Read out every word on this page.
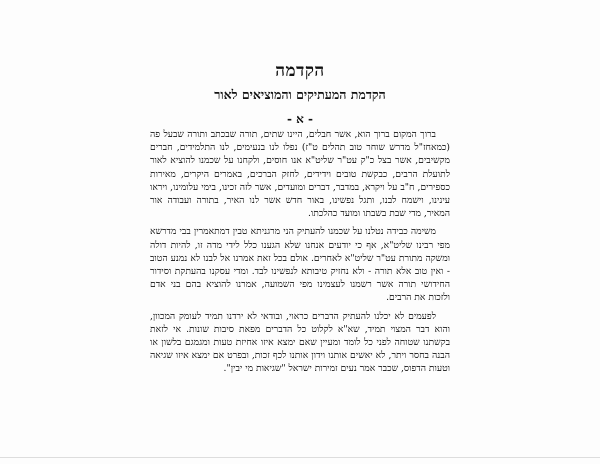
הקדמה
הקדמת המעתיקים והמוציאים לאור
- א -

ברוך המקום ברוך הוא, אשר חבלים, היינו שתים, תורה שבכתב ותורה שבעל פה (כמאחז"ל מדרש שוחר טוב תהלים ט"ז) נפלו לנו בנעימים, לנו התלמידים, חברים מקשיבים, אשר בצל כ"ק עט"ר שליט"א אנו חוסים, ולקחנו על שכמנו להוציא לאור לתועלת הרבים, כבקשת טובים וידידים, לחזק הברכים, באמרים היקרים, מאירות כספירים, ח"ב על ויקרא, במדבר, דברים ומועדים, אשר לזה זכינו, בימי עלומינו, ויראו עינינו, וישמח לבנו, ותגל נפשינו, באור חדש אשר לנו האיר, בתורה ועבודה אור המאיר, מדי שבת בשבתו ומועד כהלכתו.

משימה כבידה נטלנו על שכמנו להעתיק הני מרגניתא טבין דמתאמרין בבי מדרשא מפי רבינו שליט"א, אף כי יודעים אנחנו שלא הגענו כלל לידי מדה זו, להיות דולה ומשקה מתורת עט"ר שליט"א לאחרים. אולם בכל זאת אמרנו אל לבנו לא נמנע הטוב - ואין טוב אלא תורה - ולא נחזיק טיבותא לנפשינו לבד. ומדי עסקנו בהעתקת וסידור החידושי תורה אשר רשמנו לעצמינו מפי השמועה, אמרנו להוציא בהם בני אדם ולזכות את הרבים.

לפעמים לא יכלנו להעתיק הדברים כראוי, ובודאי לא ירדנו תמיד לעומק המכוון, והוא דבר המצוי תמיד, שא"א לקלוט כל הדברים מפאת סיבות שונות. אי לזאת בקשתנו שטוחה לפני כל לומד ומעיין שאם ימצא איזו אחיזת טעות ומגמגם בלשון או הבנה בחסר ויתר, לא יאשים אותנו וידון אותנו לכף זכות, ובפרט אם ימצא איזו שגיאה וטעות הדפוס, שכבר אמר נעים זמירות ישראל "שגיאות מי יבין".
